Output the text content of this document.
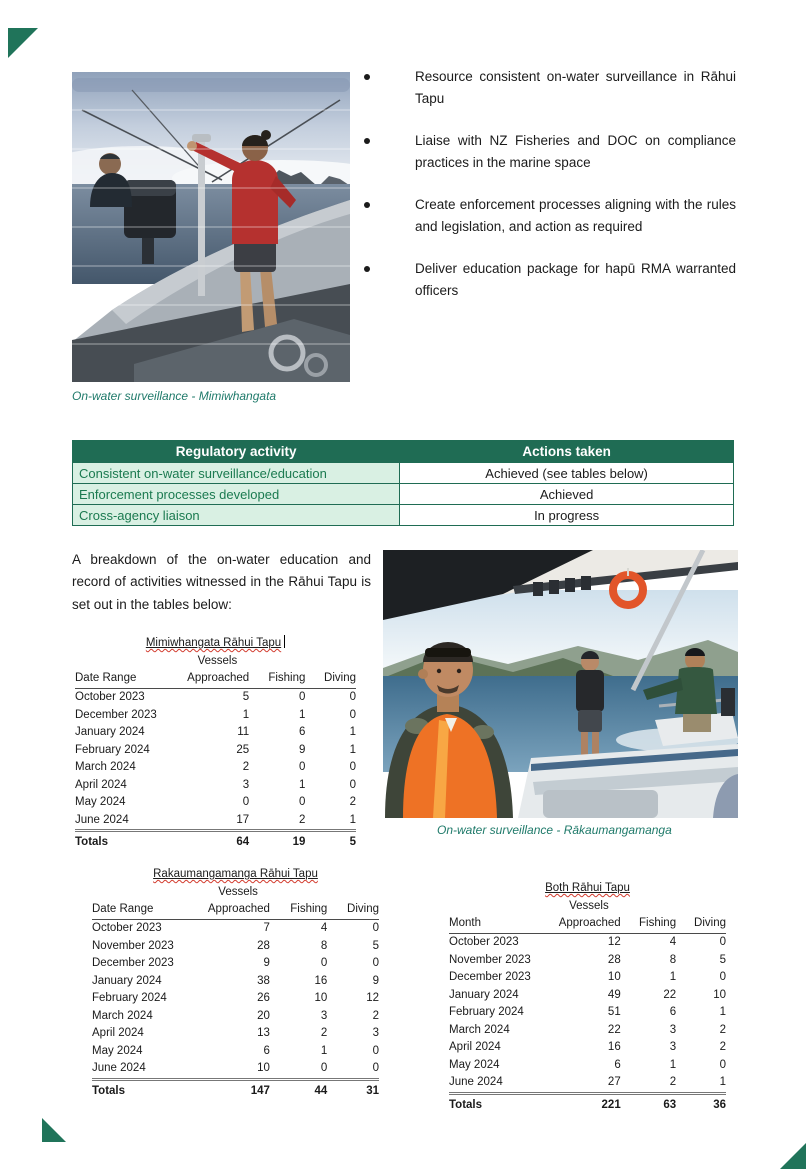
On-water surveillance - Mimiwhangata
Resource consistent on-water surveillance in Rāhui Tapu
Liaise with NZ Fisheries and DOC on compliance practices in the marine space
Create enforcement processes aligning with the rules and legislation, and action as required
Deliver education package for hapū RMA warranted officers
Regulatory activity	Actions taken
Consistent on-water surveillance/education	Achieved (see tables below)
Enforcement processes developed	Achieved
Cross-agency liaison	In progress
A breakdown of the on-water education and record of activities witnessed in the Rāhui Tapu is set out in the tables below:
On-water surveillance - Rākaumangamanga
Mimiwhangata Rāhui Tapu
	Vessels		
Date Range	Approached	Fishing	Diving
October 2023	5	0	0
December 2023	1	1	0
January 2024	11	6	1
February 2024	25	9	1
March 2024	2	0	0
April 2024	3	1	0
May 2024	0	0	2
June 2024	17	2	1
Totals	64	19	5
Rakaumangamanga Rāhui Tapu
	Vessels		
Date Range	Approached	Fishing	Diving
October 2023	7	4	0
November 2023	28	8	5
December 2023	9	0	0
January 2024	38	16	9
February 2024	26	10	12
March 2024	20	3	2
April 2024	13	2	3
May 2024	6	1	0
June 2024	10	0	0
Totals	147	44	31
Both Rāhui Tapu
	Vessels		
Month	Approached	Fishing	Diving
October 2023	12	4	0
November 2023	28	8	5
December 2023	10	1	0
January 2024	49	22	10
February 2024	51	6	1
March 2024	22	3	2
April 2024	16	3	2
May 2024	6	1	0
June 2024	27	2	1
Totals	221	63	36
